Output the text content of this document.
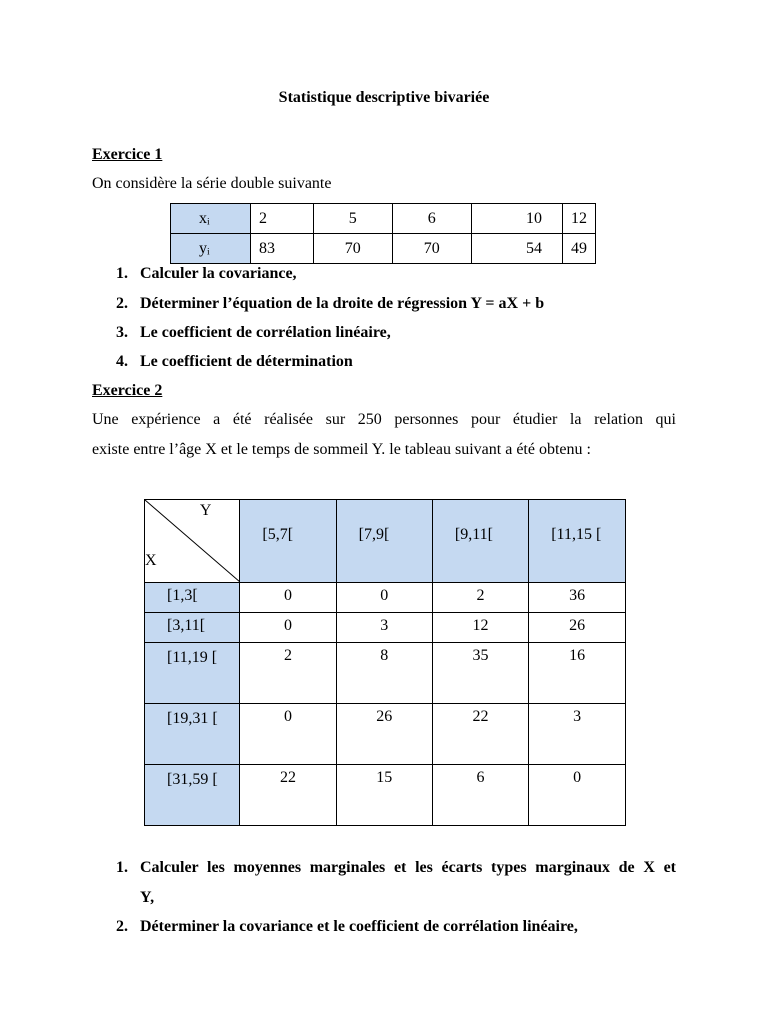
Statistique descriptive bivariée
Exercice 1
On considère la série double suivante
xᵢ	2	5	6	10	12
yᵢ	83	70	70	54	49
1. Calculer la covariance,
2. Déterminer l’équation de la droite de régression Y = aX + b
3. Le coefficient de corrélation linéaire,
4. Le coefficient de détermination
Exercice 2
Une expérience a été réalisée sur 250 personnes pour étudier la relation qui
existe entre l’âge X et le temps de sommeil Y. le tableau suivant a été obtenu :
Y
X	[5,7[	[7,9[	[9,11[	[11,15 [

[1,3[	0	0	2	36
[3,11[	0	3	12	26
[11,19 [	2	8	35	16
[19,31 [	0	26	22	3
[31,59 [	22	15	6	0
1. Calculer les moyennes marginales et les écarts types marginaux de X et
Y,
2. Déterminer la covariance et le coefficient de corrélation linéaire,
